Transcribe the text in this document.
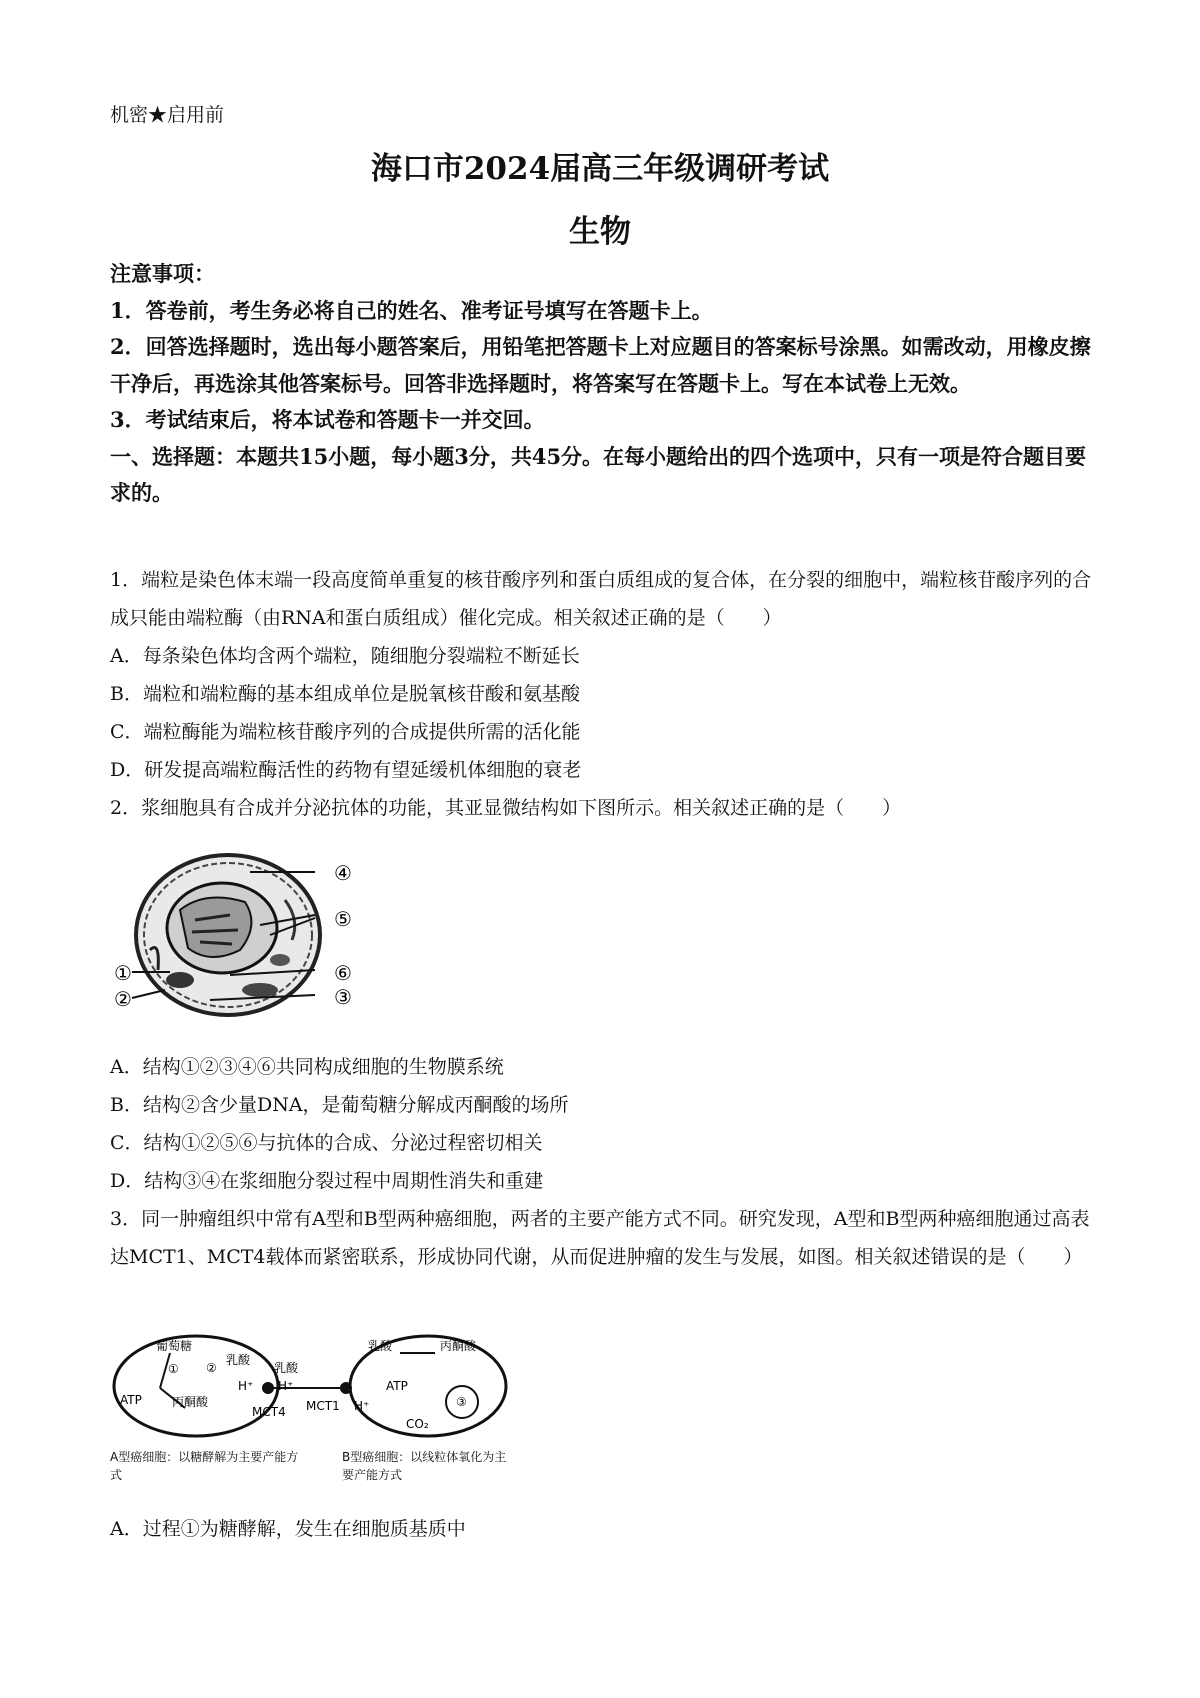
机密★启用前
海口市2024届高三年级调研考试
生物

注意事项：

1．答卷前，考生务必将自己的姓名、准考证号填写在答题卡上。

2．回答选择题时，选出每小题答案后，用铅笔把答题卡上对应题目的答案标号涂黑。如需改动，用橡皮擦干净后，再选涂其他答案标号。回答非选择题时，将答案写在答题卡上。写在本试卷上无效。

3．考试结束后，将本试卷和答题卡一并交回。

一、选择题：本题共15小题，每小题3分，共45分。在每小题给出的四个选项中，只有一项是符合题目要求的。

1．端粒是染色体末端一段高度简单重复的核苷酸序列和蛋白质组成的复合体，在分裂的细胞中，端粒核苷酸序列的合成只能由端粒酶（由RNA和蛋白质组成）催化完成。相关叙述正确的是（　　）

A．每条染色体均含两个端粒，随细胞分裂端粒不断延长

B．端粒和端粒酶的基本组成单位是脱氧核苷酸和氨基酸

C．端粒酶能为端粒核苷酸序列的合成提供所需的活化能

D．研发提高端粒酶活性的药物有望延缓机体细胞的衰老

2．浆细胞具有合成并分泌抗体的功能，其亚显微结构如下图所示。相关叙述正确的是（　　）

①
②	③
④
⑤
⑥

A．结构①②③④⑥共同构成细胞的生物膜系统

B．结构②含少量DNA，是葡萄糖分解成丙酮酸的场所

C．结构①②⑤⑥与抗体的合成、分泌过程密切相关

D．结构③④在浆细胞分裂过程中周期性消失和重建

3．同一肿瘤组织中常有A型和B型两种癌细胞，两者的主要产能方式不同。研究发现，A型和B型两种癌细胞通过高表达MCT1、MCT4载体而紧密联系，形成协同代谢，从而促进肿瘤的发生与发展，如图。相关叙述错误的是（　　）

葡萄糖
① ②
乳酸
ATP	丙酮酸
H⁺
乳酸
H⁺
MCT4 MCT1 H⁺
乳酸	丙酮酸
ATP
③
CO₂
A型癌细胞：以糖酵解为主要产能方式
B型癌细胞：以线粒体氧化为主要产能方式

A．过程①为糖酵解，发生在细胞质基质中
